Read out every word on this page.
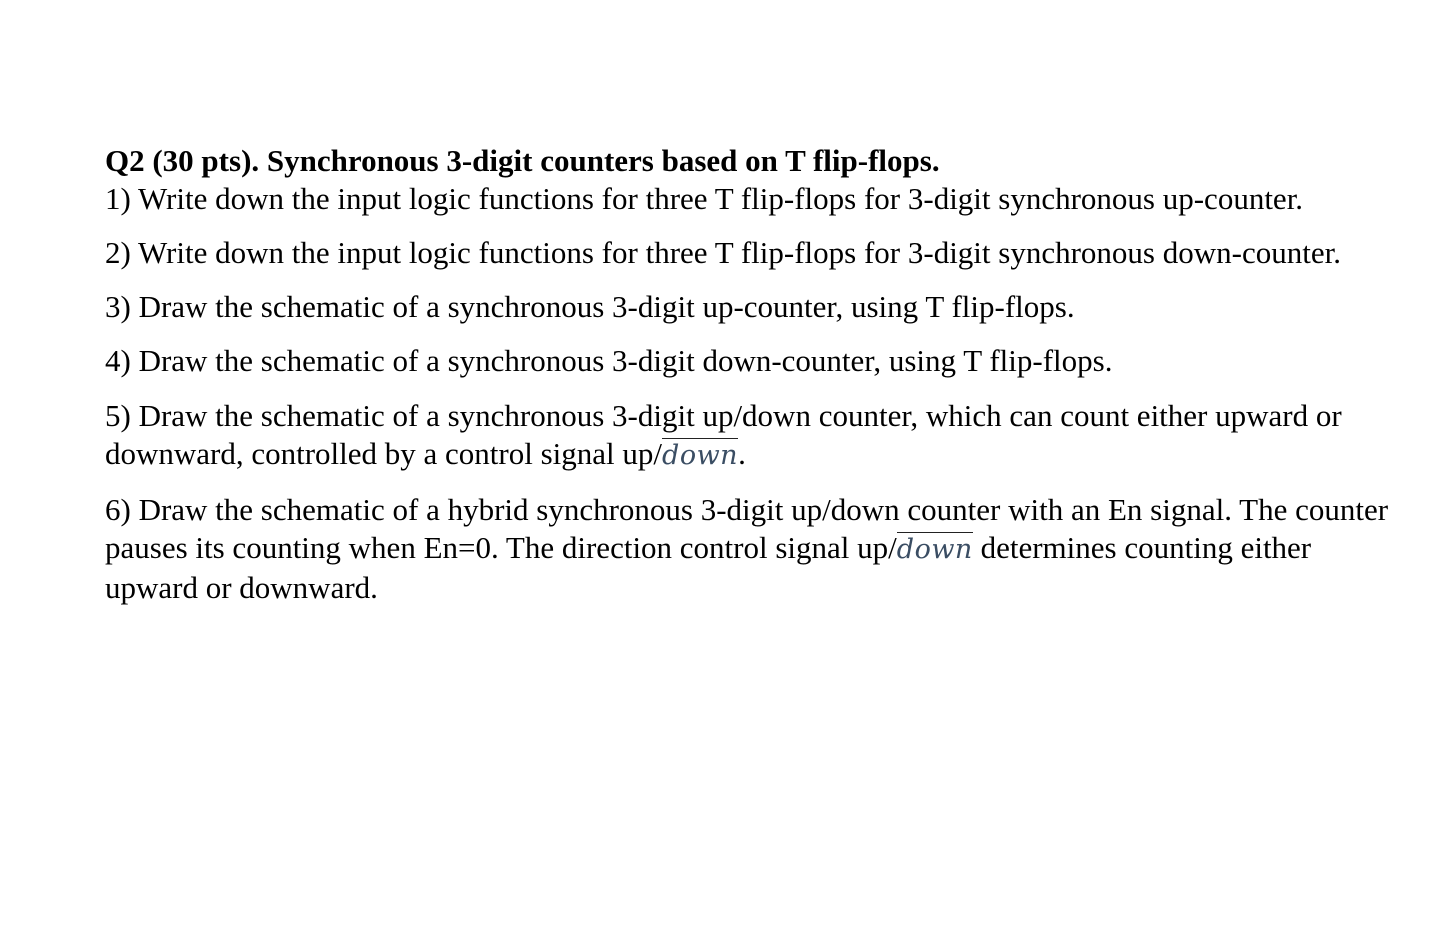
Q2 (30 pts). Synchronous 3-digit counters based on T flip-flops.

1) Write down the input logic functions for three T flip-flops for 3-digit synchronous up-counter.

2) Write down the input logic functions for three T flip-flops for 3-digit synchronous down-counter.

3) Draw the schematic of a synchronous 3-digit up-counter, using T flip-flops.

4) Draw the schematic of a synchronous 3-digit down-counter, using T flip-flops.

5) Draw the schematic of a synchronous 3-digit up/down counter, which can count either upward or downward, controlled by a control signal up/down.

6) Draw the schematic of a hybrid synchronous 3-digit up/down counter with an En signal. The counter pauses its counting when En=0. The direction control signal up/down determines counting either upward or downward.
